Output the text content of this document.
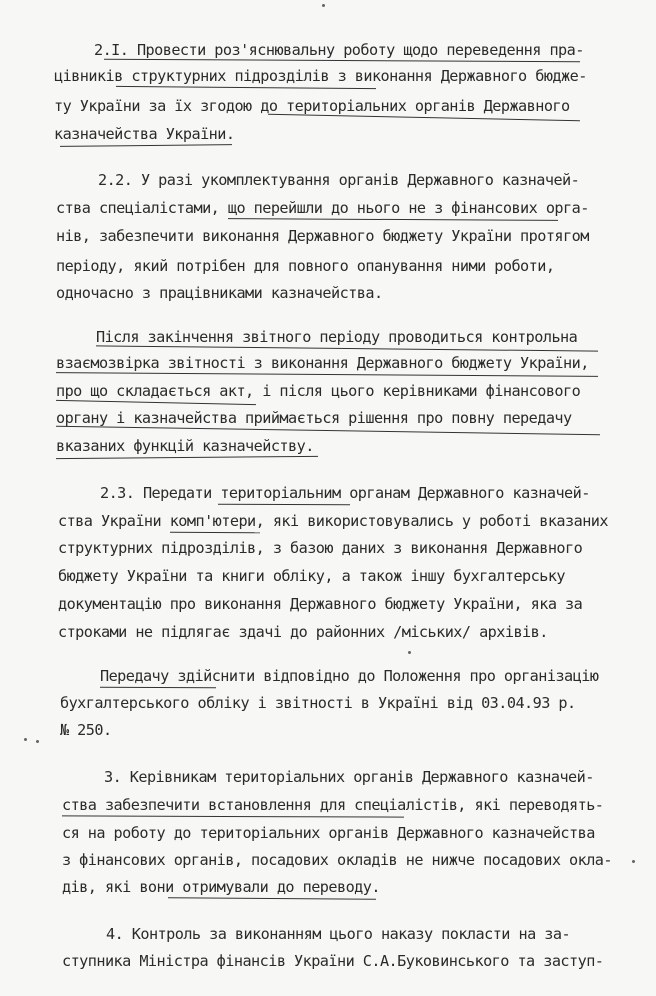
2.І. Провести роз'яснювальну роботу щодо переведення пра-
цівників структурних підрозділів з виконання Державного бюдже-
ту України за їх згодою до територіальних органів Державного
казначейства України.
2.2. У разі укомплектування органів Державного казначей-
ства спеціалістами, що перейшли до нього не з фінансових орга-
нів, забезпечити виконання Державного бюджету України протягом
періоду, який потрібен для повного опанування ними роботи,
одночасно з працівниками казначейства.
Після закінчення звітного періоду проводиться контрольна
взаємозвірка звітності з виконання Державного бюджету України,
про що складається акт, і після цього керівниками фінансового
органу і казначейства приймається рішення про повну передачу
вказаних функцій казначейству.
2.3. Передати територіальним органам Державного казначей-
ства України комп'ютери, які використовувались у роботі вказаних
структурних підрозділів, з базою даних з виконання Державного
бюджету України та книги обліку, а також іншу бухгалтерську
документацію про виконання Державного бюджету України, яка за
строками не підлягає здачі до районних /міських/ архівів.
Передачу здійснити відповідно до Положення про організацію
бухгалтерського обліку і звітності в Україні від 03.04.93 р.
№ 250.
3. Керівникам територіальних органів Державного казначей-
ства забезпечити встановлення для спеціалістів, які переводять-
ся на роботу до територіальних органів Державного казначейства
з фінансових органів, посадових окладів не нижче посадових окла-
дів, які вони отримували до переводу.
4. Контроль за виконанням цього наказу покласти на за-
ступника Міністра фінансів України С.А.Буковинського та заступ-
